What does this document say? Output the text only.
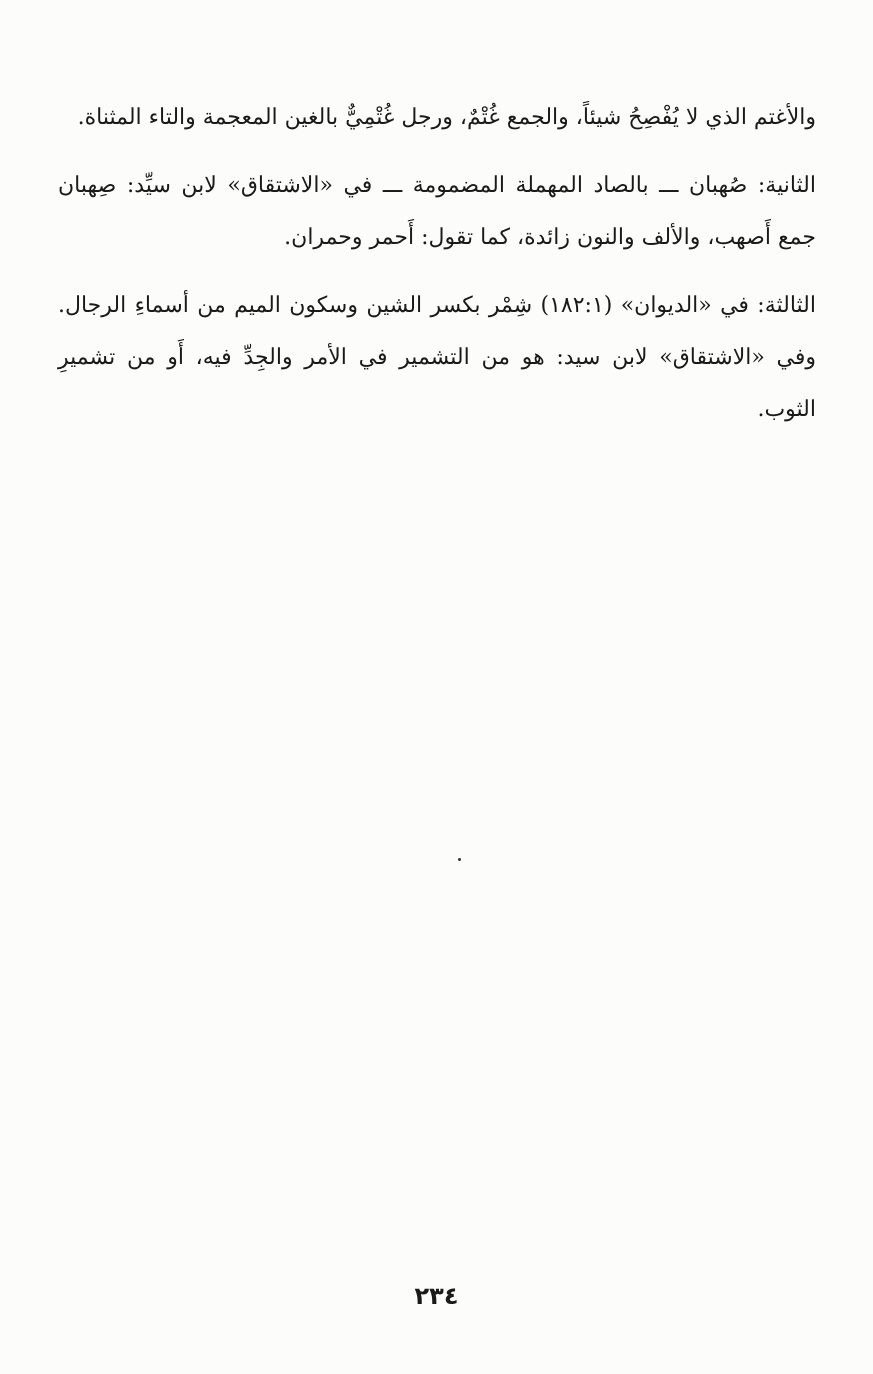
والأغتم الذي لا يُفْصِحُ شيئاً، والجمع غُتْمٌ، ورجل غُتْمِيٌّ بالغين المعجمة والتاء المثناة.

الثانية: صُهبان ـــ بالصاد المهملة المضمومة ـــ في «الاشتقاق» لابن سيِّد: صِهبان جمع أَصهب، والألف والنون زائدة، كما تقول: أَحمر وحمران.

الثالثة: في «الديوان» (١٨٢:١) شِمْر بكسر الشين وسكون الميم من أسماءِ الرجال. وفي «الاشتقاق» لابن سيد: هو من التشمير في الأمر والجِدِّ فيه، أَو من تشميرِ الثوب.

٢٣٤
